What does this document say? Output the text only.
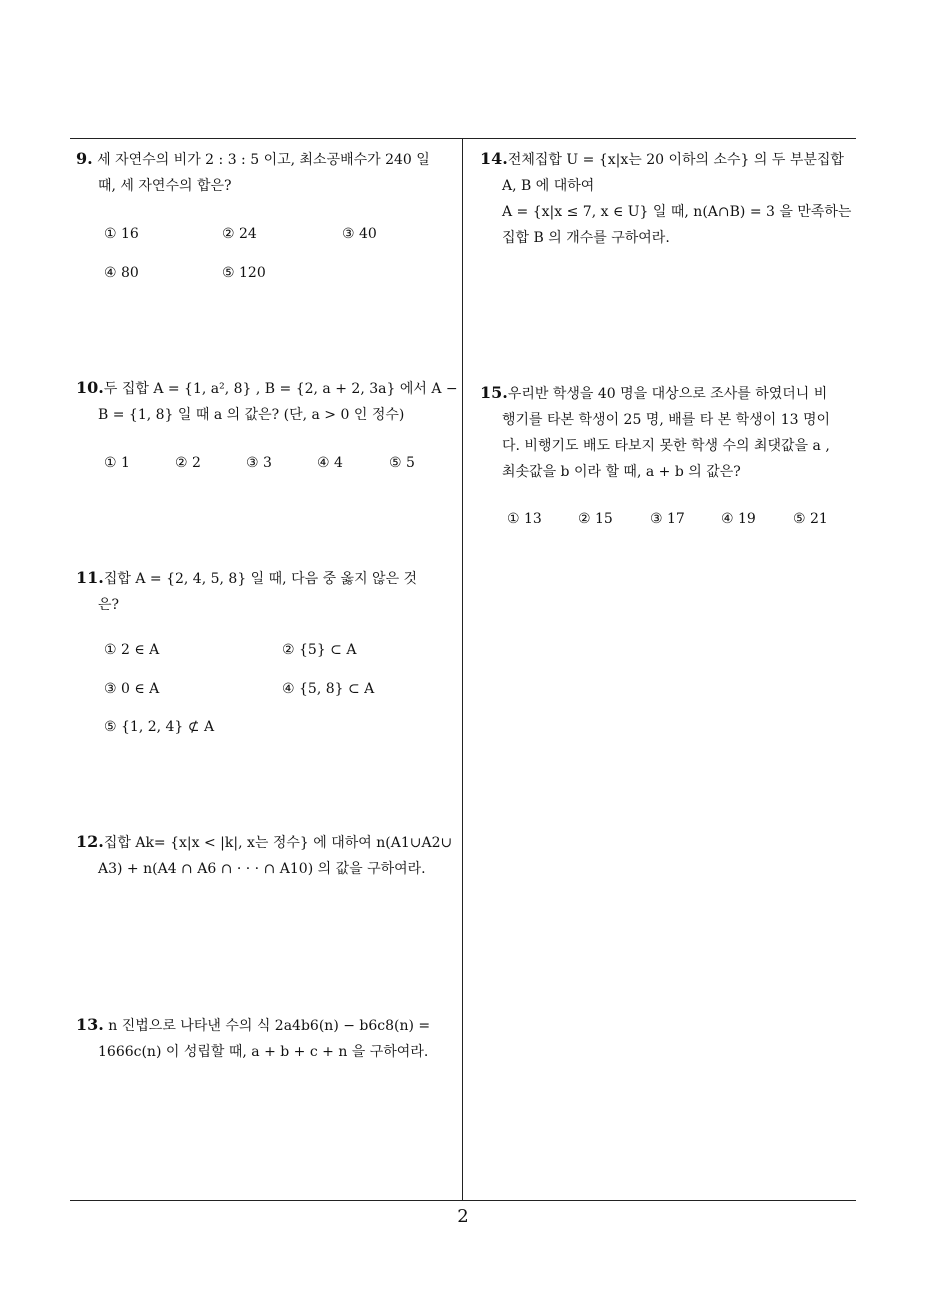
9. 세 자연수의 비가 2 : 3 : 5 이고, 최소공배수가 240 일
때, 세 자연수의 합은?
① 16	② 24	③ 40
④ 80	⑤ 120
10.두 집합 A = {1, a², 8} , B = {2, a + 2, 3a} 에서 A −
B = {1, 8} 일 때 a 의 값은? (단, a > 0 인 정수)
① 1	② 2	③ 3	④ 4	⑤ 5
11.집합 A = {2, 4, 5, 8} 일 때, 다음 중 옳지 않은 것
은?
① 2 ∈ A	② {5} ⊂ A
③ 0 ∈ A	④ {5, 8} ⊂ A
⑤ {1, 2, 4} ⊄ A
12.집합 Ak= {x|x < |k|, x는 정수} 에 대하여 n(A1∪A2∪
A3) + n(A4 ∩ A6 ∩ · · · ∩ A10) 의 값을 구하여라.
13. n 진법으로 나타낸 수의 식 2a4b6(n) − b6c8(n) =
1666c(n) 이 성립할 때, a + b + c + n 을 구하여라.
14.전체집합 U = {x|x는 20 이하의 소수} 의 두 부분집합
A, B 에 대하여
A = {x|x ≤ 7, x ∈ U} 일 때, n(A∩B) = 3 을 만족하는
집합 B 의 개수를 구하여라.
15.우리반 학생을 40 명을 대상으로 조사를 하였더니 비
행기를 타본 학생이 25 명, 배를 타 본 학생이 13 명이
다. 비행기도 배도 타보지 못한 학생 수의 최댓값을 a ,
최솟값을 b 이라 할 때, a + b 의 값은?
① 13	② 15	③ 17	④ 19	⑤ 21
2
